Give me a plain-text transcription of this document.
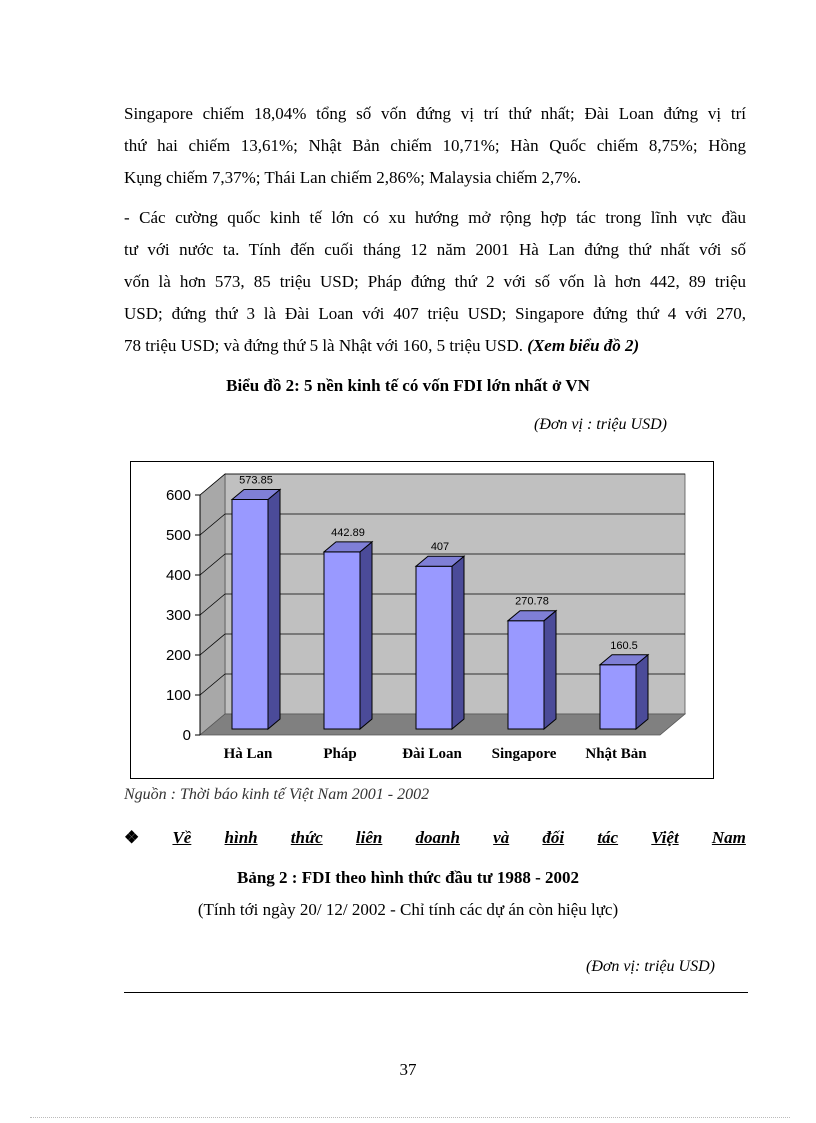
Singapore chiếm 18,04% tổng số vốn đứng vị trí thứ nhất; Đài Loan đứng vị trí
thứ hai chiếm 13,61%; Nhật Bản chiếm 10,71%; Hàn Quốc chiếm 8,75%; Hồng
Kụng chiếm 7,37%; Thái Lan chiếm 2,86%; Malaysia chiếm 2,7%.
- Các cường quốc kinh tế lớn có xu hướng mở rộng hợp tác trong lĩnh vực đầu
tư với nước ta. Tính đến cuối tháng 12 năm 2001 Hà Lan đứng thứ nhất với số
vốn là hơn 573, 85 triệu USD; Pháp đứng thứ 2 với số vốn là hơn 442, 89 triệu
USD; đứng thứ 3 là Đài Loan với 407 triệu USD; Singapore đứng thứ 4 với 270,
78 triệu USD; và đứng thứ 5 là Nhật với 160, 5 triệu USD. (Xem biểu đồ 2)
Biểu đồ 2: 5 nền kinh tế có vốn FDI lớn nhất ở VN
(Đơn vị : triệu USD)
0
100
200
300
400
500
600
573.85
Hà Lan
442.89
Pháp
407
Đài Loan
270.78
Singapore
160.5
Nhật Bản
Nguồn : Thời báo kinh tế Việt Nam 2001 - 2002
❖ Về hình thức liên doanh và đối tác Việt Nam
Bảng 2 : FDI theo hình thức đầu tư 1988 - 2002
(Tính tới ngày 20/ 12/ 2002 - Chỉ tính các dự án còn hiệu lực)
(Đơn vị: triệu USD)
37
